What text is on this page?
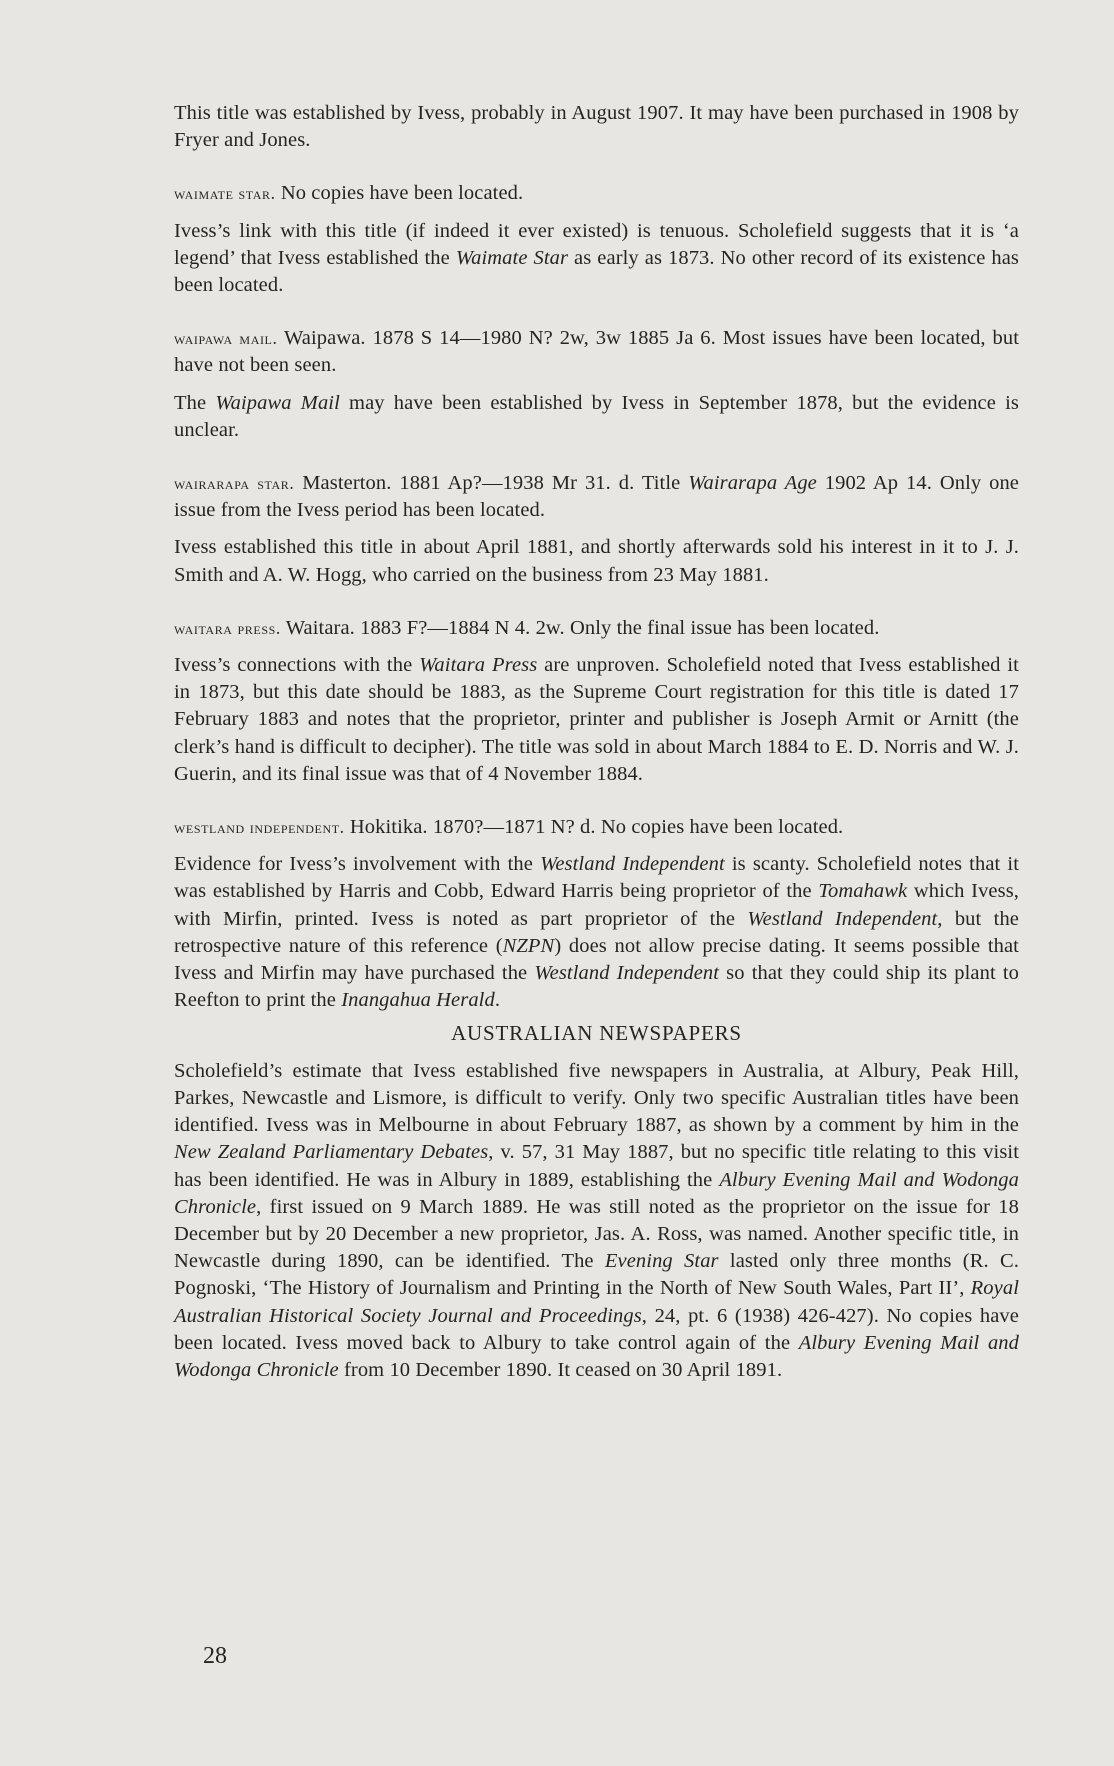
This title was established by Ivess, probably in August 1907. It may have been purchased in 1908 by Fryer and Jones.

waimate star. No copies have been located.

Ivess’s link with this title (if indeed it ever existed) is tenuous. Scholefield suggests that it is ‘a legend’ that Ivess established the Waimate Star as early as 1873. No other record of its existence has been located.

waipawa mail. Waipawa. 1878 S 14—1980 N? 2w, 3w 1885 Ja 6. Most issues have been located, but have not been seen.

The Waipawa Mail may have been established by Ivess in September 1878, but the evidence is unclear.

wairarapa star. Masterton. 1881 Ap?—1938 Mr 31. d. Title Wairarapa Age 1902 Ap 14. Only one issue from the Ivess period has been located.

Ivess established this title in about April 1881, and shortly afterwards sold his interest in it to J. J. Smith and A. W. Hogg, who carried on the business from 23 May 1881.

waitara press. Waitara. 1883 F?—1884 N 4. 2w. Only the final issue has been located.

Ivess’s connections with the Waitara Press are unproven. Scholefield noted that Ivess established it in 1873, but this date should be 1883, as the Supreme Court registration for this title is dated 17 February 1883 and notes that the proprietor, printer and publisher is Joseph Armit or Arnitt (the clerk’s hand is difficult to decipher). The title was sold in about March 1884 to E. D. Norris and W. J. Guerin, and its final issue was that of 4 November 1884.

westland independent. Hokitika. 1870?—1871 N? d. No copies have been located.

Evidence for Ivess’s involvement with the Westland Independent is scanty. Scholefield notes that it was established by Harris and Cobb, Edward Harris being proprietor of the Tomahawk which Ivess, with Mirfin, printed. Ivess is noted as part proprietor of the Westland Independent, but the retrospective nature of this reference (NZPN) does not allow precise dating. It seems possible that Ivess and Mirfin may have purchased the Westland Independent so that they could ship its plant to Reefton to print the Inangahua Herald.

AUSTRALIAN NEWSPAPERS

Scholefield’s estimate that Ivess established five newspapers in Australia, at Albury, Peak Hill, Parkes, Newcastle and Lismore, is difficult to verify. Only two specific Australian titles have been identified. Ivess was in Melbourne in about February 1887, as shown by a comment by him in the New Zealand Parliamentary Debates, v. 57, 31 May 1887, but no specific title relating to this visit has been identified. He was in Albury in 1889, establishing the Albury Evening Mail and Wodonga Chronicle, first issued on 9 March 1889. He was still noted as the proprietor on the issue for 18 December but by 20 December a new proprietor, Jas. A. Ross, was named. Another specific title, in Newcastle during 1890, can be identified. The Evening Star lasted only three months (R. C. Pognoski, ‘The History of Journalism and Printing in the North of New South Wales, Part II’, Royal Australian Historical Society Journal and Proceedings, 24, pt. 6 (1938) 426-427). No copies have been located. Ivess moved back to Albury to take control again of the Albury Evening Mail and Wodonga Chronicle from 10 December 1890. It ceased on 30 April 1891.

28
